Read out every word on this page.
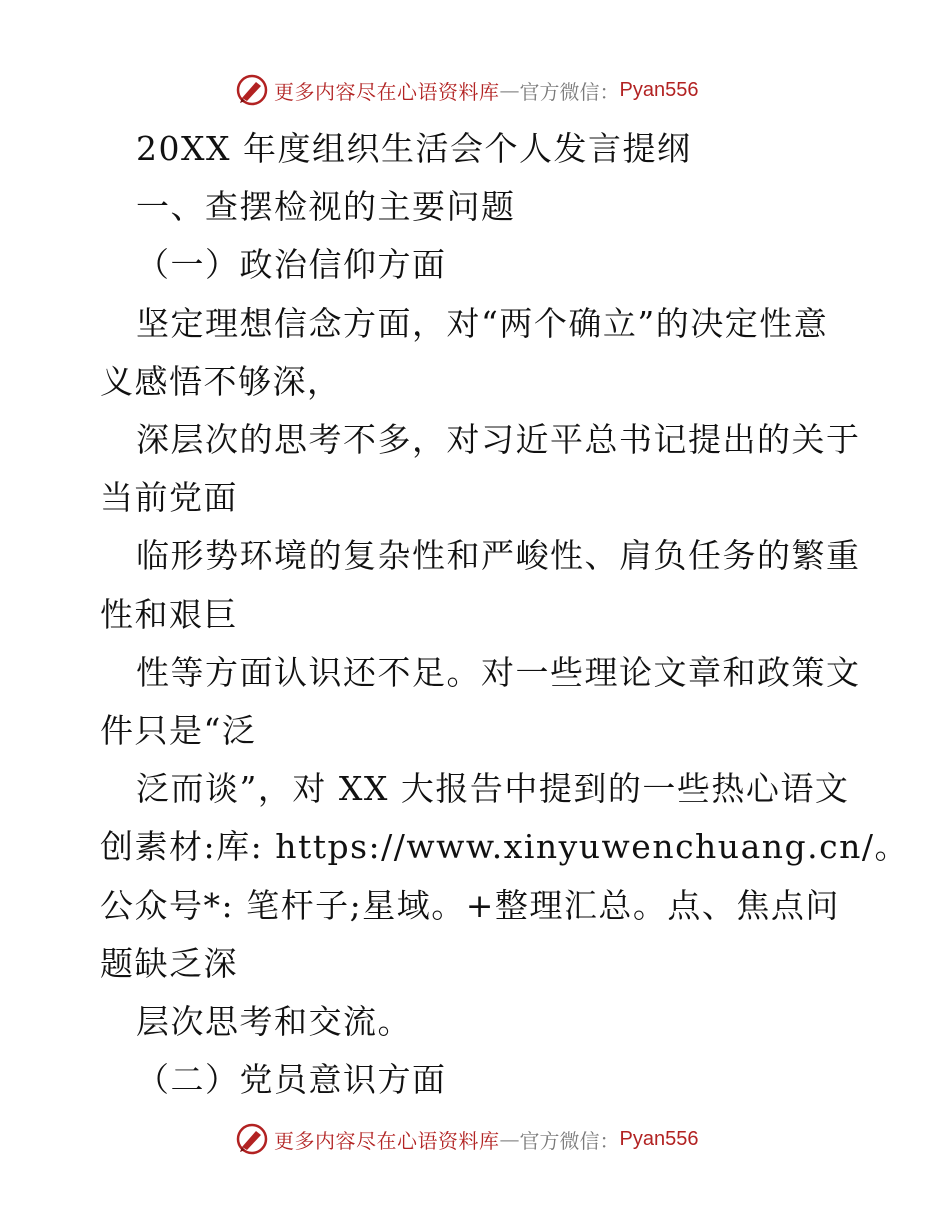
更多内容尽在心语资料库 — 官方微信： Pyan556

20XX 年度组织生活会个人发言提纲

一、查摆检视的主要问题

（一）政治信仰方面

坚定理想信念方面，对“两个确立”的决定性意

义感悟不够深，

深层次的思考不多，对习近平总书记提出的关于

当前党面

临形势环境的复杂性和严峻性、肩负任务的繁重

性和艰巨

性等方面认识还不足。对一些理论文章和政策文

件只是“泛

泛而谈”，对 XX 大报告中提到的一些热心语文

创素材:库: https://www.xinyuwenchuang.cn/。

公众号*: 笔杆子;星域。+整理汇总。点、焦点问

题缺乏深

层次思考和交流。

（二）党员意识方面

更多内容尽在心语资料库 — 官方微信： Pyan556
